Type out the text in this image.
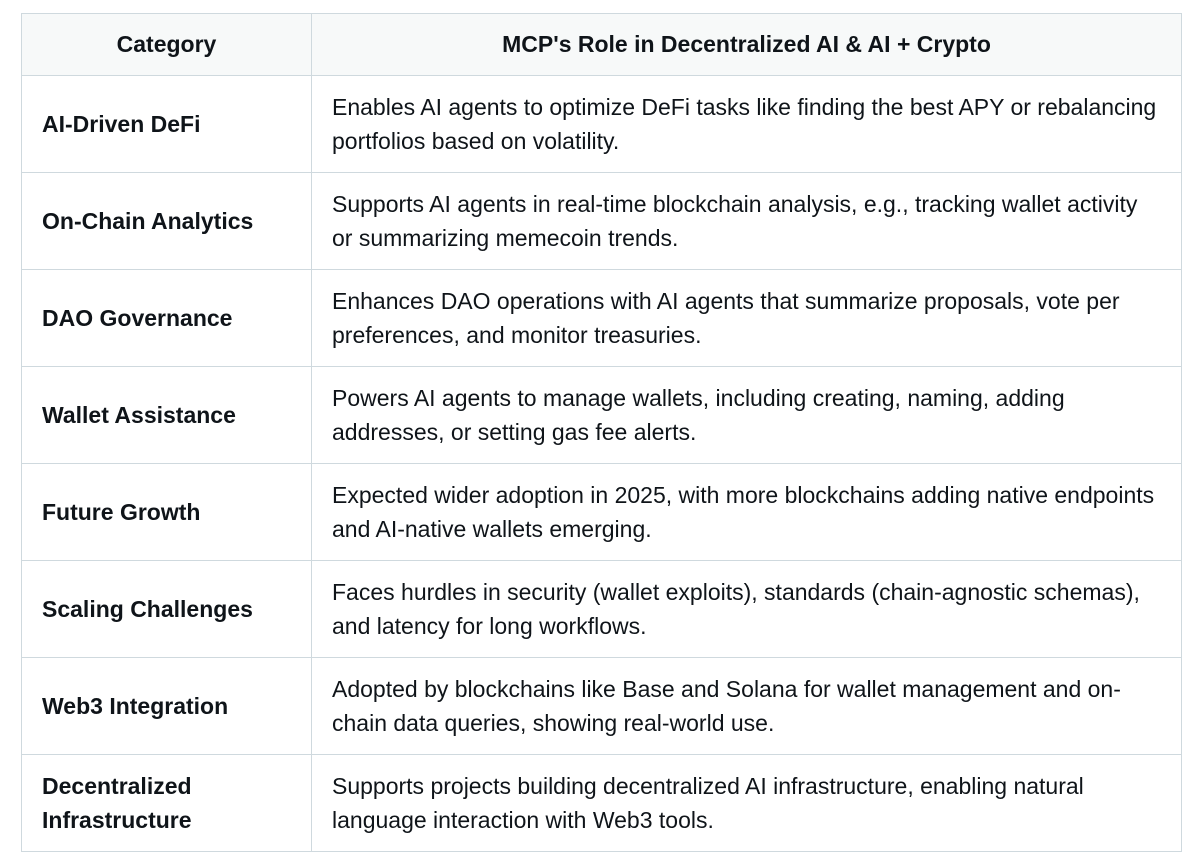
Category	MCP's Role in Decentralized AI & AI + Crypto
AI-Driven DeFi	Enables AI agents to optimize DeFi tasks like finding the best APY or rebalancing portfolios based on volatility.
On-Chain Analytics	Supports AI agents in real-time blockchain analysis, e.g., tracking wallet activity or summarizing memecoin trends.
DAO Governance	Enhances DAO operations with AI agents that summarize proposals, vote per preferences, and monitor treasuries.
Wallet Assistance	Powers AI agents to manage wallets, including creating, naming, adding addresses, or setting gas fee alerts.
Future Growth	Expected wider adoption in 2025, with more blockchains adding native endpoints and AI-native wallets emerging.
Scaling Challenges	Faces hurdles in security (wallet exploits), standards (chain-agnostic schemas), and latency for long workflows.
Web3 Integration	Adopted by blockchains like Base and Solana for wallet management and on-chain data queries, showing real-world use.
Decentralized Infrastructure	Supports projects building decentralized AI infrastructure, enabling natural language interaction with Web3 tools.
